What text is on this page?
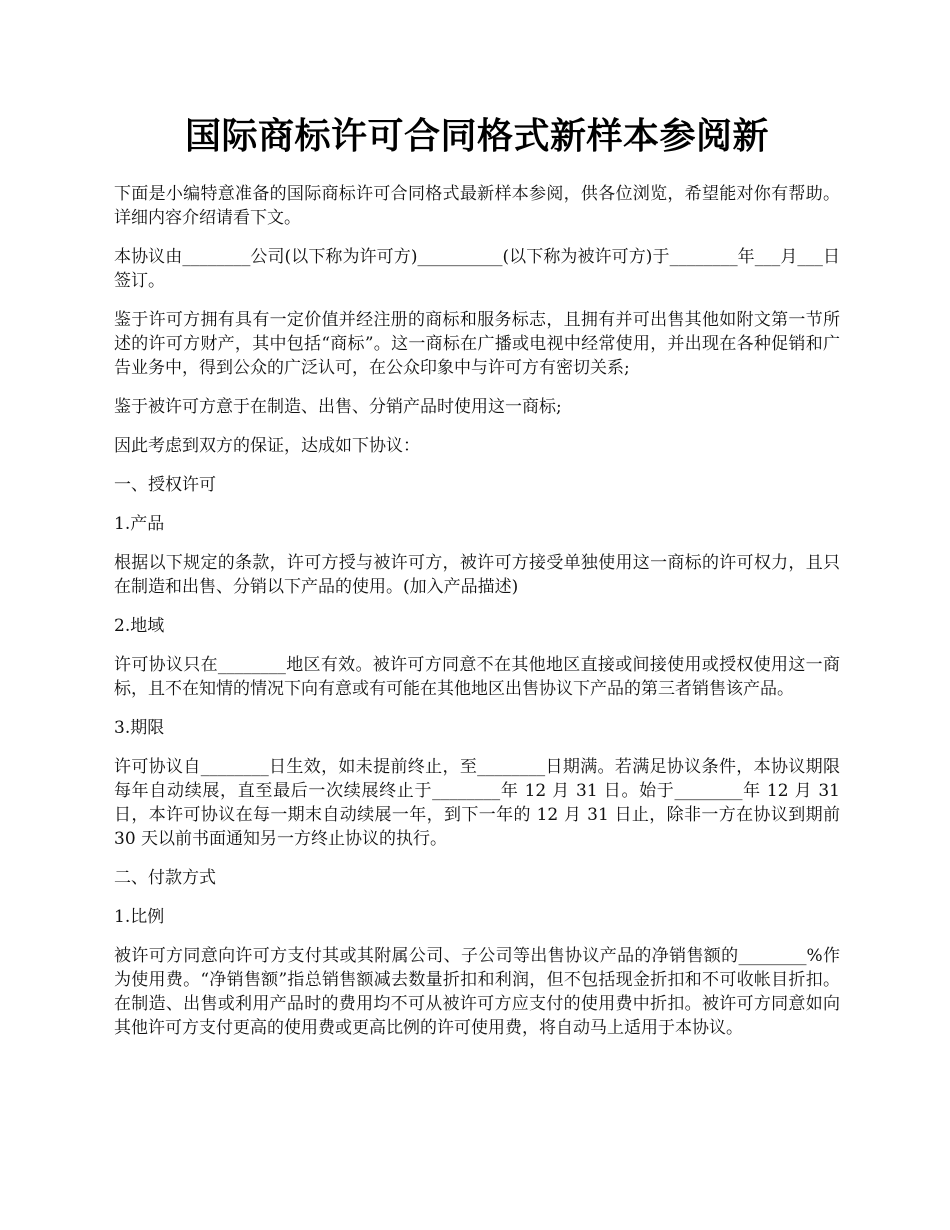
国际商标许可合同格式新样本参阅新

下面是小编特意准备的国际商标许可合同格式最新样本参阅，供各位浏览，希望能对你有帮助。详细内容介绍请看下文。

本协议由________公司(以下称为许可方)__________(以下称为被许可方)于________年___月___日签订。

鉴于许可方拥有具有一定价值并经注册的商标和服务标志，且拥有并可出售其他如附文第一节所述的许可方财产，其中包括“商标”。这一商标在广播或电视中经常使用，并出现在各种促销和广告业务中，得到公众的广泛认可，在公众印象中与许可方有密切关系;

鉴于被许可方意于在制造、出售、分销产品时使用这一商标;

因此考虑到双方的保证，达成如下协议：

一、授权许可

1.产品

根据以下规定的条款，许可方授与被许可方，被许可方接受单独使用这一商标的许可权力，且只在制造和出售、分销以下产品的使用。(加入产品描述)

2.地域

许可协议只在________地区有效。被许可方同意不在其他地区直接或间接使用或授权使用这一商标，且不在知情的情况下向有意或有可能在其他地区出售协议下产品的第三者销售该产品。

3.期限

许可协议自________日生效，如未提前终止，至________日期满。若满足协议条件，本协议期限每年自动续展，直至最后一次续展终止于________年 12 月 31 日。始于________年 12 月 31 日，本许可协议在每一期末自动续展一年，到下一年的 12 月 31 日止，除非一方在协议到期前 30 天以前书面通知另一方终止协议的执行。

二、付款方式

1.比例

被许可方同意向许可方支付其或其附属公司、子公司等出售协议产品的净销售额的________%作为使用费。“净销售额”指总销售额减去数量折扣和利润，但不包括现金折扣和不可收帐目折扣。在制造、出售或利用产品时的费用均不可从被许可方应支付的使用费中折扣。被许可方同意如向其他许可方支付更高的使用费或更高比例的许可使用费，将自动马上适用于本协议。
